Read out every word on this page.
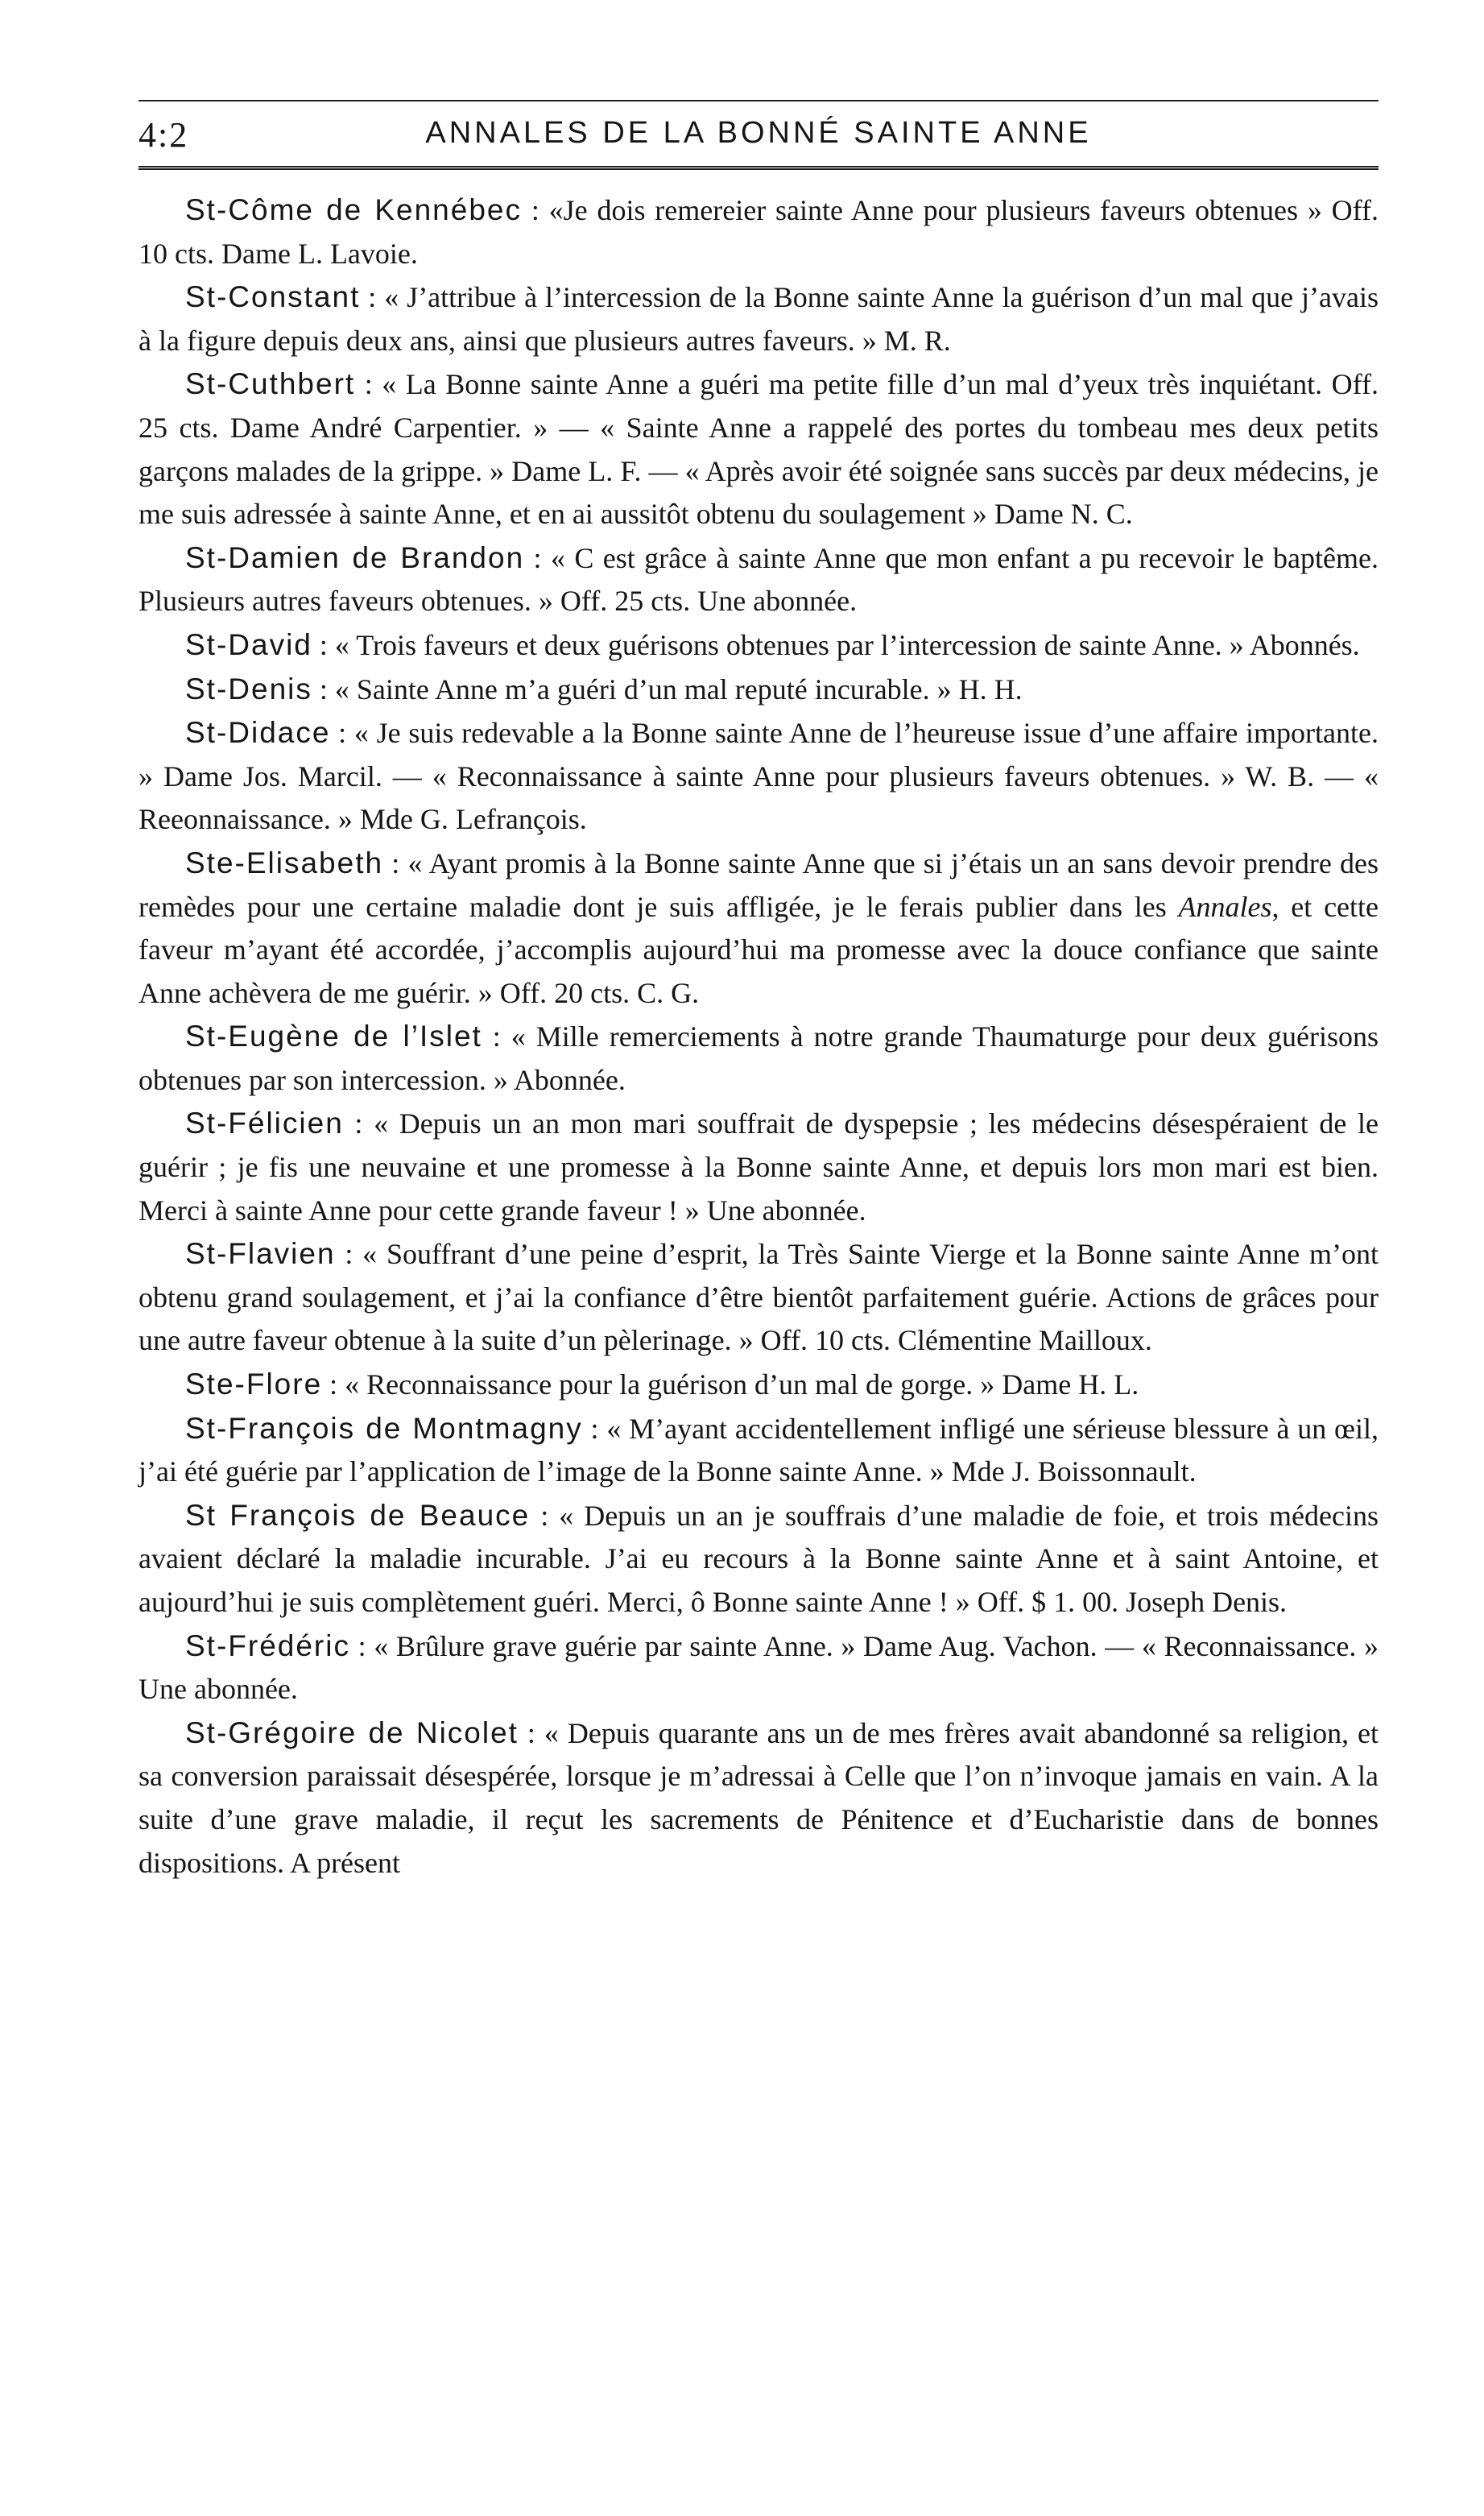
4:2	ANNALES DE LA BONNÉ SAINTE ANNE

St-Côme de Kennébec : «Je dois remereier sainte Anne pour plusieurs faveurs obtenues » Off. 10 cts. Dame L. Lavoie.

St-Constant : « J’attribue à l’intercession de la Bonne sainte Anne la guérison d’un mal que j’avais à la figure depuis deux ans, ainsi que plusieurs autres faveurs. » M. R.

St-Cuthbert : « La Bonne sainte Anne a guéri ma petite fille d’un mal d’yeux très inquiétant. Off. 25 cts. Dame André Carpentier. » — « Sainte Anne a rappelé des portes du tombeau mes deux petits garçons malades de la grippe. » Dame L. F. — « Après avoir été soignée sans succès par deux médecins, je me suis adressée à sainte Anne, et en ai aussitôt obtenu du soulagement » Dame N. C.

St-Damien de Brandon : « C est grâce à sainte Anne que mon enfant a pu recevoir le baptême. Plusieurs autres faveurs obtenues. » Off. 25 cts. Une abonnée.

St-David : « Trois faveurs et deux guérisons obtenues par l’intercession de sainte Anne. » Abonnés.

St-Denis : « Sainte Anne m’a guéri d’un mal reputé incurable. » H. H.

St-Didace : « Je suis redevable a la Bonne sainte Anne de l’heureuse issue d’une affaire importante. » Dame Jos. Marcil. — « Reconnaissance à sainte Anne pour plusieurs faveurs obtenues. » W. B. — « Reeonnaissance. » Mde G. Lefrançois.

Ste-Elisabeth : « Ayant promis à la Bonne sainte Anne que si j’étais un an sans devoir prendre des remèdes pour une certaine maladie dont je suis affligée, je le ferais publier dans les Annales, et cette faveur m’ayant été accordée, j’accomplis aujourd’hui ma promesse avec la douce confiance que sainte Anne achèvera de me guérir. » Off. 20 cts. C. G.

St-Eugène de l’Islet : « Mille remerciements à notre grande Thaumaturge pour deux guérisons obtenues par son intercession. » Abonnée.

St-Félicien : « Depuis un an mon mari souffrait de dyspepsie ; les médecins désespéraient de le guérir ; je fis une neuvaine et une promesse à la Bonne sainte Anne, et depuis lors mon mari est bien. Merci à sainte Anne pour cette grande faveur ! » Une abonnée.

St-Flavien : « Souffrant d’une peine d’esprit, la Très Sainte Vierge et la Bonne sainte Anne m’ont obtenu grand soulagement, et j’ai la confiance d’être bientôt parfaitement guérie. Actions de grâces pour une autre faveur obtenue à la suite d’un pèlerinage. » Off. 10 cts. Clémentine Mailloux.

Ste-Flore : « Reconnaissance pour la guérison d’un mal de gorge. » Dame H. L.

St-François de Montmagny : « M’ayant accidentellement infligé une sérieuse blessure à un œil, j’ai été guérie par l’application de l’image de la Bonne sainte Anne. » Mde J. Boissonnault.

St François de Beauce : « Depuis un an je souffrais d’une maladie de foie, et trois médecins avaient déclaré la maladie incurable. J’ai eu recours à la Bonne sainte Anne et à saint Antoine, et aujourd’hui je suis complètement guéri. Merci, ô Bonne sainte Anne ! » Off. $ 1. 00. Joseph Denis.

St-Frédéric : « Brûlure grave guérie par sainte Anne. » Dame Aug. Vachon. — « Reconnaissance. » Une abonnée.

St-Grégoire de Nicolet : « Depuis quarante ans un de mes frères avait abandonné sa religion, et sa conversion paraissait désespérée, lorsque je m’adressai à Celle que l’on n’invoque jamais en vain. A la suite d’une grave maladie, il reçut les sacrements de Pénitence et d’Eucharistie dans de bonnes dispositions. A présent
